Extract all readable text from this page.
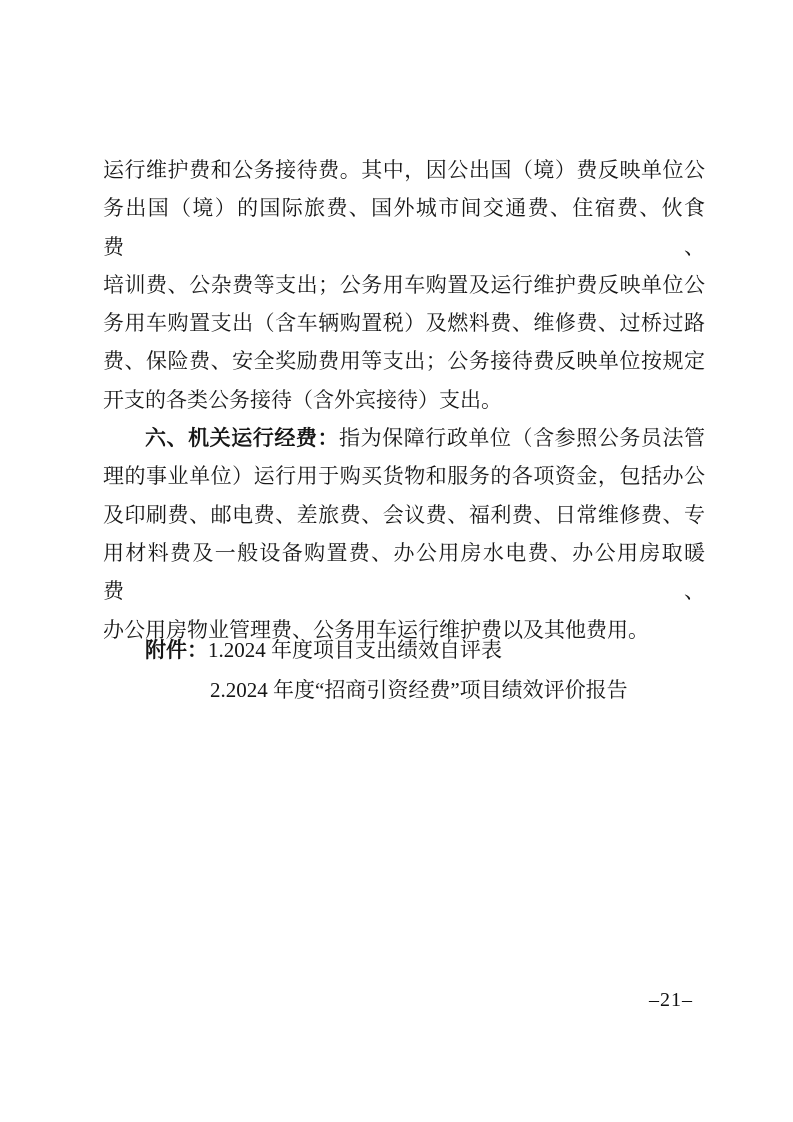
运行维护费和公务接待费。其中，因公出国（境）费反映单位公
务出国（境）的国际旅费、国外城市间交通费、住宿费、伙食费、
培训费、公杂费等支出；公务用车购置及运行维护费反映单位公
务用车购置支出（含车辆购置税）及燃料费、维修费、过桥过路
费、保险费、安全奖励费用等支出；公务接待费反映单位按规定
开支的各类公务接待（含外宾接待）支出。
六、机关运行经费：指为保障行政单位（含参照公务员法管
理的事业单位）运行用于购买货物和服务的各项资金，包括办公
及印刷费、邮电费、差旅费、会议费、福利费、日常维修费、专
用材料费及一般设备购置费、办公用房水电费、办公用房取暖费、
办公用房物业管理费、公务用车运行维护费以及其他费用。
附件：1.2024 年度项目支出绩效自评表
2.2024 年度“招商引资经费”项目绩效评价报告
–21–
